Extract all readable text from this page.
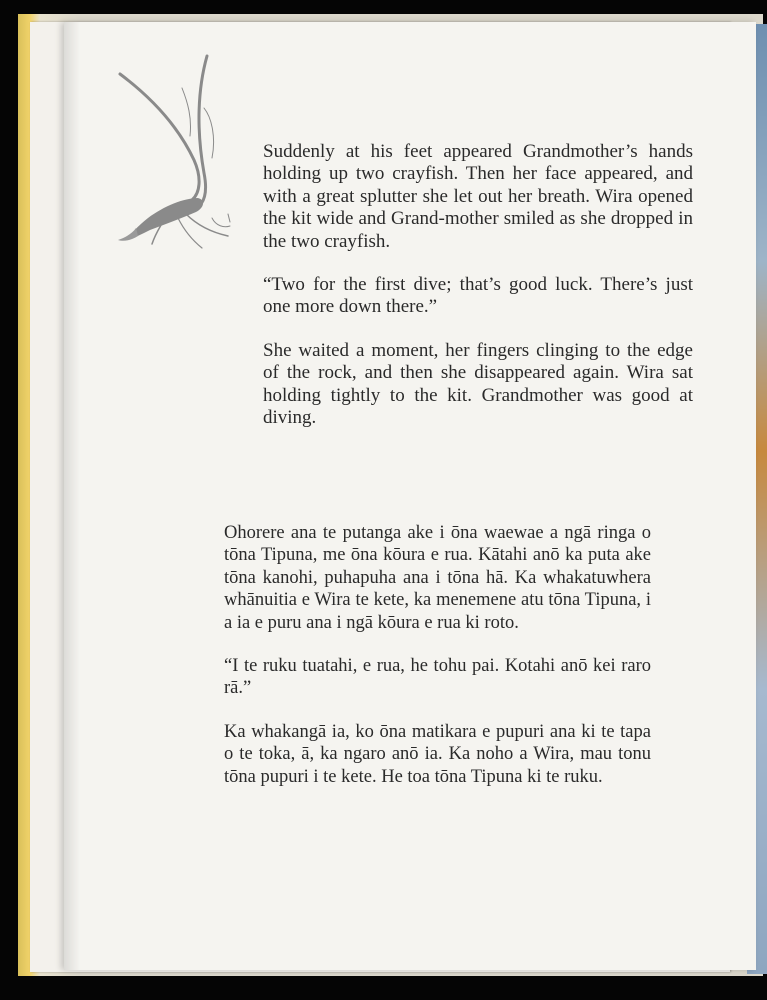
Suddenly at his feet appeared Grandmother’s hands holding up two crayfish. Then her face appeared, and with a great splutter she let out her breath. Wira opened the kit wide and Grand-mother smiled as she dropped in the two crayfish.

“Two for the first dive; that’s good luck. There’s just one more down there.”

She waited a moment, her fingers clinging to the edge of the rock, and then she disappeared again. Wira sat holding tightly to the kit. Grandmother was good at diving.

Ohorere ana te putanga ake i ōna waewae a ngā ringa o tōna Tipuna, me ōna kōura e rua. Kātahi anō ka puta ake tōna kanohi, puhapuha ana i tōna hā. Ka whakatuwhera whānuitia e Wira te kete, ka menemene atu tōna Tipuna, i a ia e puru ana i ngā kōura e rua ki roto.

“I te ruku tuatahi, e rua, he tohu pai. Kotahi anō kei raro rā.”

Ka whakangā ia, ko ōna matikara e pupuri ana ki te tapa o te toka, ā, ka ngaro anō ia. Ka noho a Wira, mau tonu tōna pupuri i te kete. He toa tōna Tipuna ki te ruku.
